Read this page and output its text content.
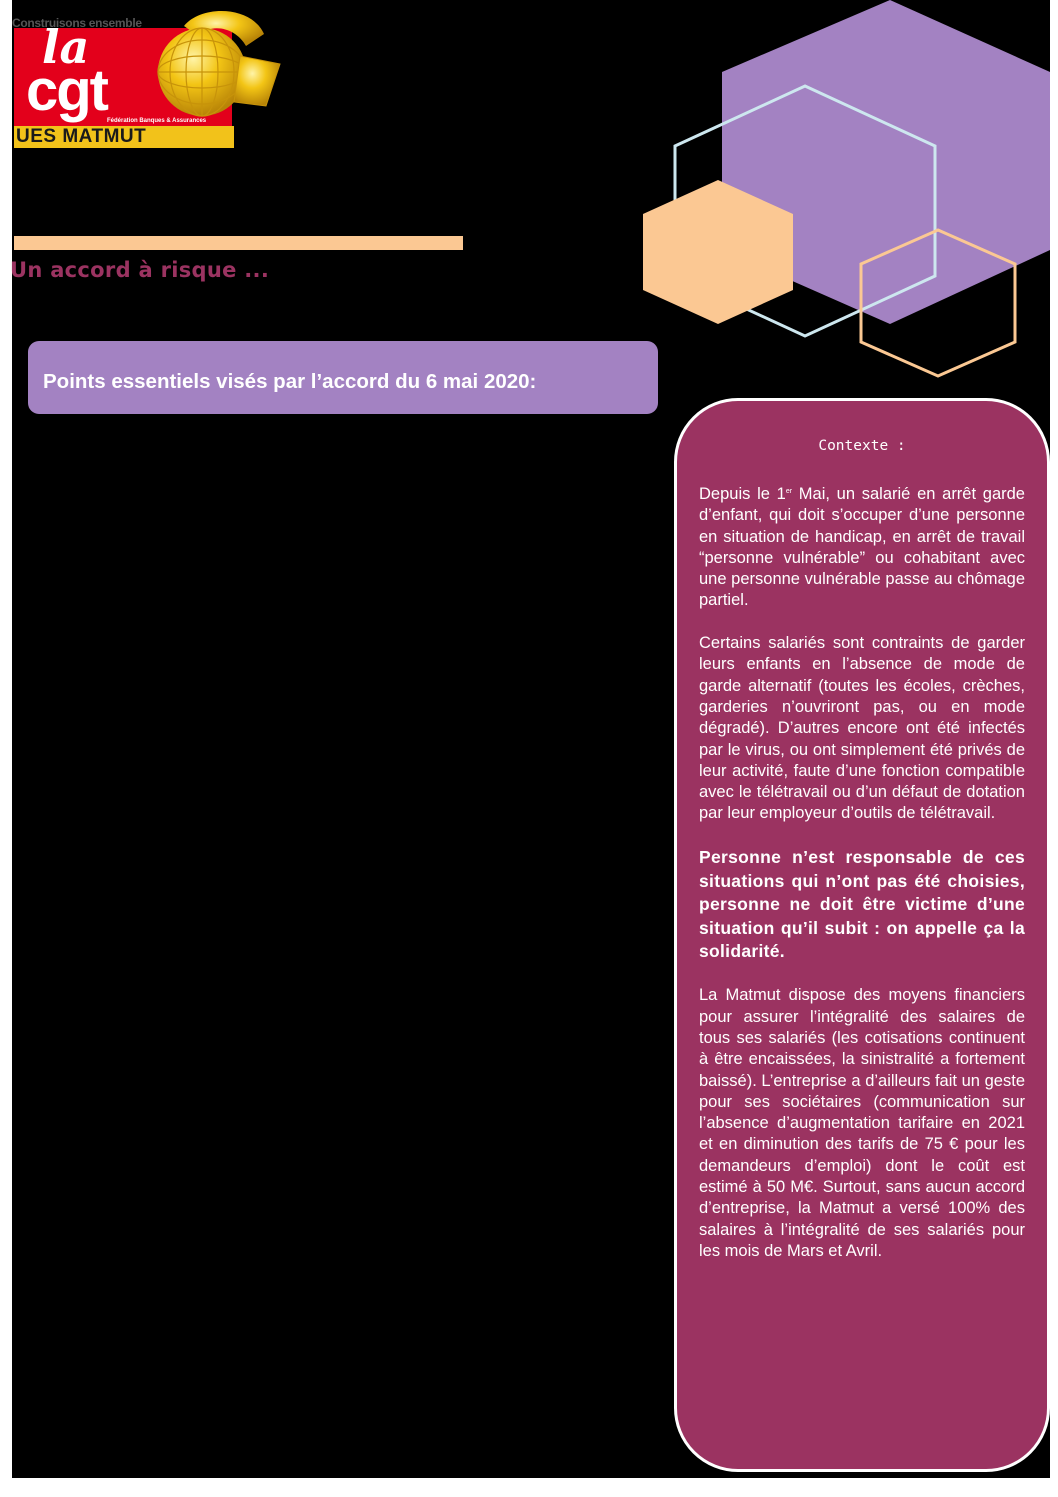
Construisons ensemble
la
cgt Fédération Banques & Assurances
UES MATMUT
Un accord à risque ...
Points essentiels visés par l’accord du 6 mai 2020:
Contexte :

Depuis le 1er Mai, un salarié en arrêt garde d’enfant, qui doit s’occuper d’une personne en situation de handicap, en arrêt de travail “personne vulnérable” ou cohabitant avec une personne vulnérable passe au chômage partiel.

Certains salariés sont contraints de garder leurs enfants en l’absence de mode de garde alternatif (toutes les écoles, crèches, garderies n’ouvriront pas, ou en mode dégradé). D’autres encore ont été infectés par le virus, ou ont simplement été privés de leur activité, faute d’une fonction compatible avec le télétravail ou d’un défaut de dotation par leur employeur d’outils de télétravail.

Personne n’est responsable de ces situations qui n’ont pas été choisies, personne ne doit être victime d’une situation qu’il subit : on appelle ça la solidarité.

La Matmut dispose des moyens financiers pour assurer l’intégralité des salaires de tous ses salariés (les cotisations continuent à être encaissées, la sinistralité a fortement baissé). L’entreprise a d’ailleurs fait un geste pour ses sociétaires (communication sur l’absence d’augmentation tarifaire en 2021 et en diminution des tarifs de 75 € pour les demandeurs d’emploi) dont le coût est estimé à 50 M€. Surtout, sans aucun accord d’entreprise, la Matmut a versé 100% des salaires à l’intégralité de ses salariés pour les mois de Mars et Avril.
